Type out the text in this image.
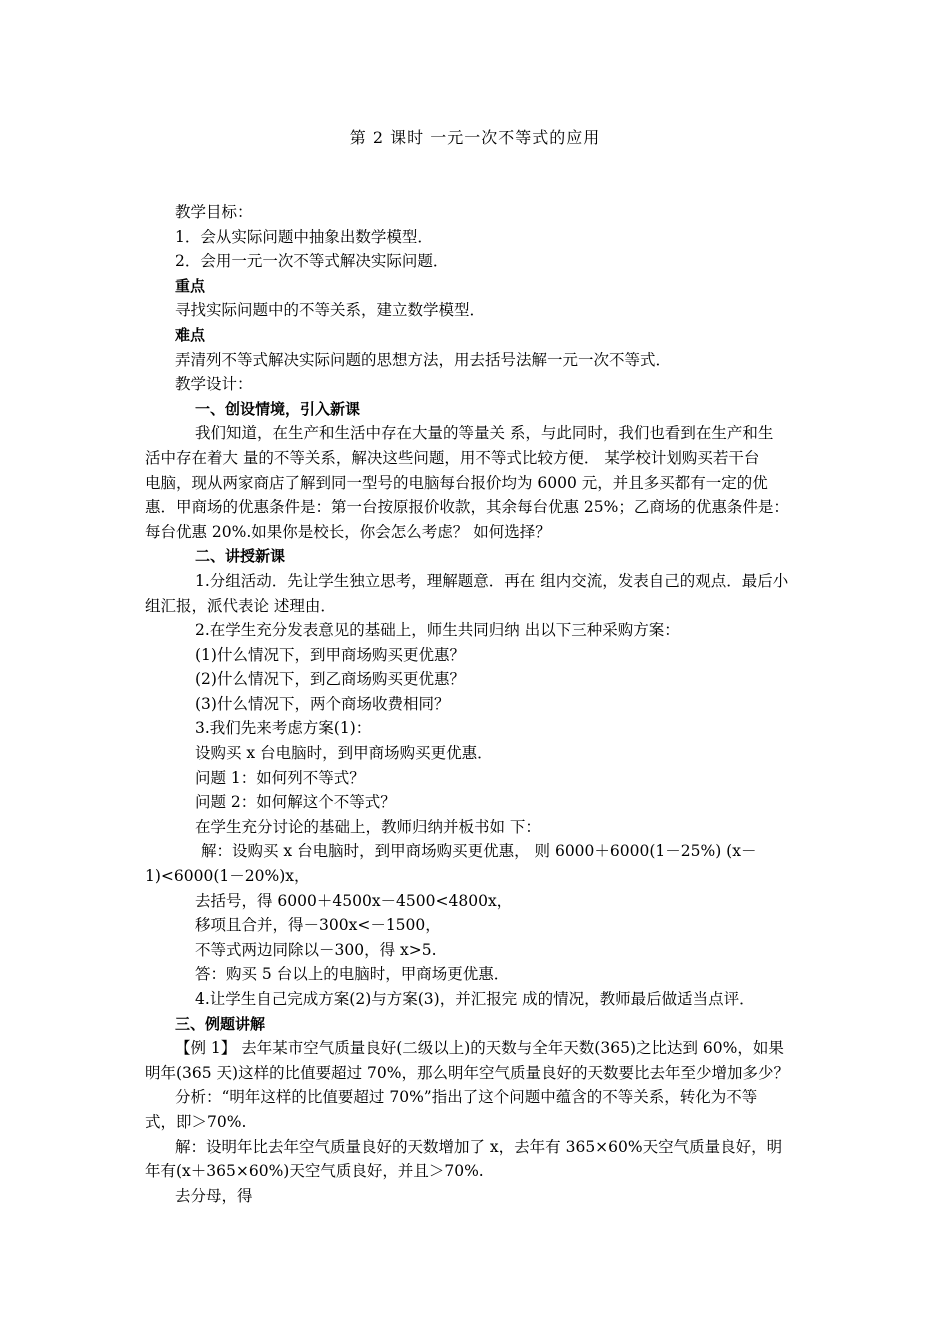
第 2 课时 一元一次不等式的应用

教学目标：

1．会从实际问题中抽象出数学模型．

2．会用一元一次不等式解决实际问题．

重点

寻找实际问题中的不等关系，建立数学模型．

难点

弄清列不等式解决实际问题的思想方法，用去括号法解一元一次不等式．

教学设计：

一、创设情境，引入新课

我们知道，在生产和生活中存在大量的等量关 系，与此同时，我们也看到在生产和生

活中存在着大 量的不等关系，解决这些问题，用不等式比较方便． 某学校计划购买若干台

电脑，现从两家商店了解到同一型号的电脑每台报价均为 6000 元，并且多买都有一定的优

惠．甲商场的优惠条件是：第一台按原报价收款，其余每台优惠 25%；乙商场的优惠条件是：

每台优惠 20%.如果你是校长，你会怎么考虑？ 如何选择？

二、讲授新课

1.分组活动．先让学生独立思考，理解题意．再在 组内交流，发表自己的观点．最后小

组汇报，派代表论 述理由．

2.在学生充分发表意见的基础上，师生共同归纳 出以下三种采购方案：

(1)什么情况下，到甲商场购买更优惠？

(2)什么情况下，到乙商场购买更优惠？

(3)什么情况下，两个商场收费相同？

3.我们先来考虑方案(1)：

设购买 x 台电脑时，到甲商场购买更优惠．

问题 1：如何列不等式？

问题 2：如何解这个不等式？

在学生充分讨论的基础上，教师归纳并板书如 下：

解：设购买 x 台电脑时，到甲商场购买更优惠， 则 6000＋6000(1－25%) (x－

1)<6000(1－20%)x，

去括号，得 6000＋4500x－4500<4800x，

移项且合并，得－300x<－1500，

不等式两边同除以－300，得 x>5.

答：购买 5 台以上的电脑时，甲商场更优惠．

4.让学生自己完成方案(2)与方案(3)，并汇报完 成的情况，教师最后做适当点评．

三、例题讲解

【例 1】 去年某市空气质量良好(二级以上)的天数与全年天数(365)之比达到 60%，如果

明年(365 天)这样的比值要超过 70%，那么明年空气质量良好的天数要比去年至少增加多少？

分析：“明年这样的比值要超过 70%”指出了这个问题中蕴含的不等关系，转化为不等

式，即＞70%.

解：设明年比去年空气质量良好的天数增加了 x，去年有 365×60%天空气质量良好，明

年有(x＋365×60%)天空气质良好，并且＞70%.

去分母，得
